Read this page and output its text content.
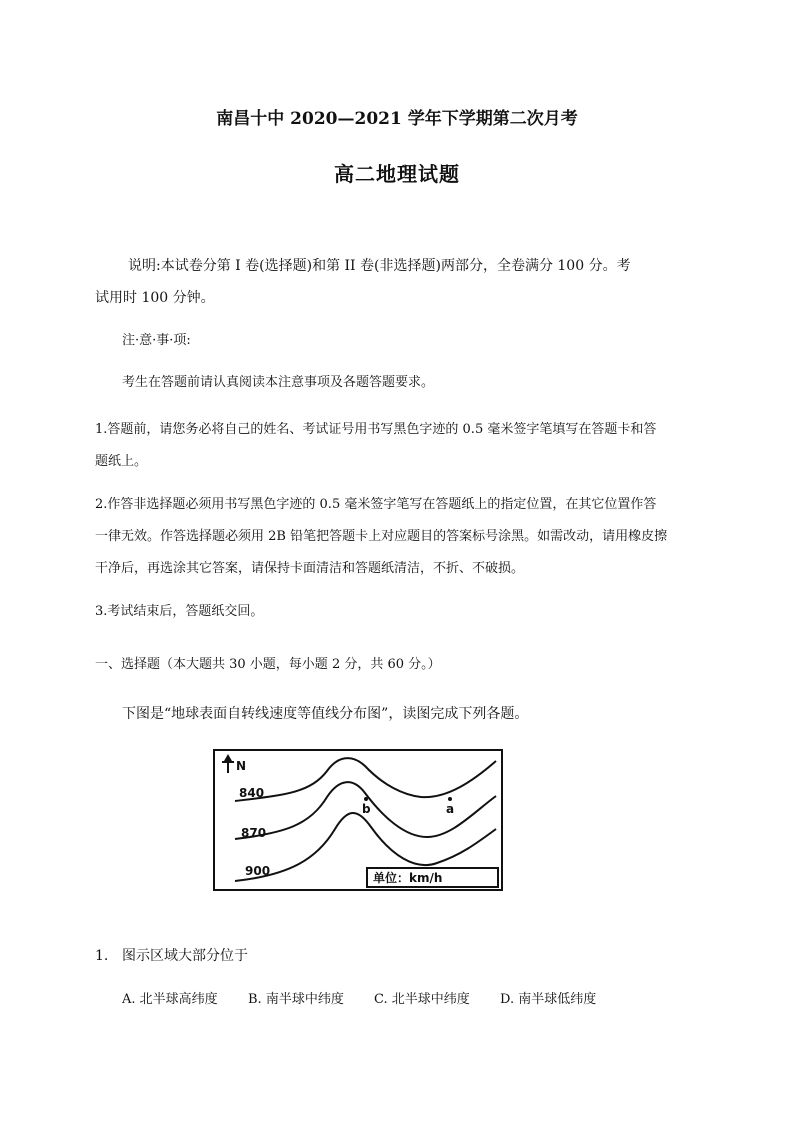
南昌十中 2020—2021 学年下学期第二次月考
高二地理试题
说明:本试卷分第 I 卷(选择题)和第 II 卷(非选择题)两部分，全卷满分 100 分。考
试用时 100 分钟。
注·意·事·项:
考生在答题前请认真阅读本注意事项及各题答题要求。
1.答题前，请您务必将自己的姓名、考试证号用书写黑色字迹的 0.5 毫米签字笔填写在答题卡和答
题纸上。
2.作答非选择题必须用书写黑色字迹的 0.5 毫米签字笔写在答题纸上的指定位置，在其它位置作答
一律无效。作答选择题必须用 2B 铅笔把答题卡上对应题目的答案标号涂黑。如需改动，请用橡皮擦
干净后，再选涂其它答案，请保持卡面清洁和答题纸清洁，不折、不破损。
3.考试结束后，答题纸交回。
一、选择题（本大题共 30 小题，每小题 2 分，共 60 分。）
下图是“地球表面自转线速度等值线分布图”，读图完成下列各题。
N
840
870
900
b	a
单位：km/h
1. 图示区域大部分位于
A. 北半球高纬度 B. 南半球中纬度 C. 北半球中纬度 D. 南半球低纬度
